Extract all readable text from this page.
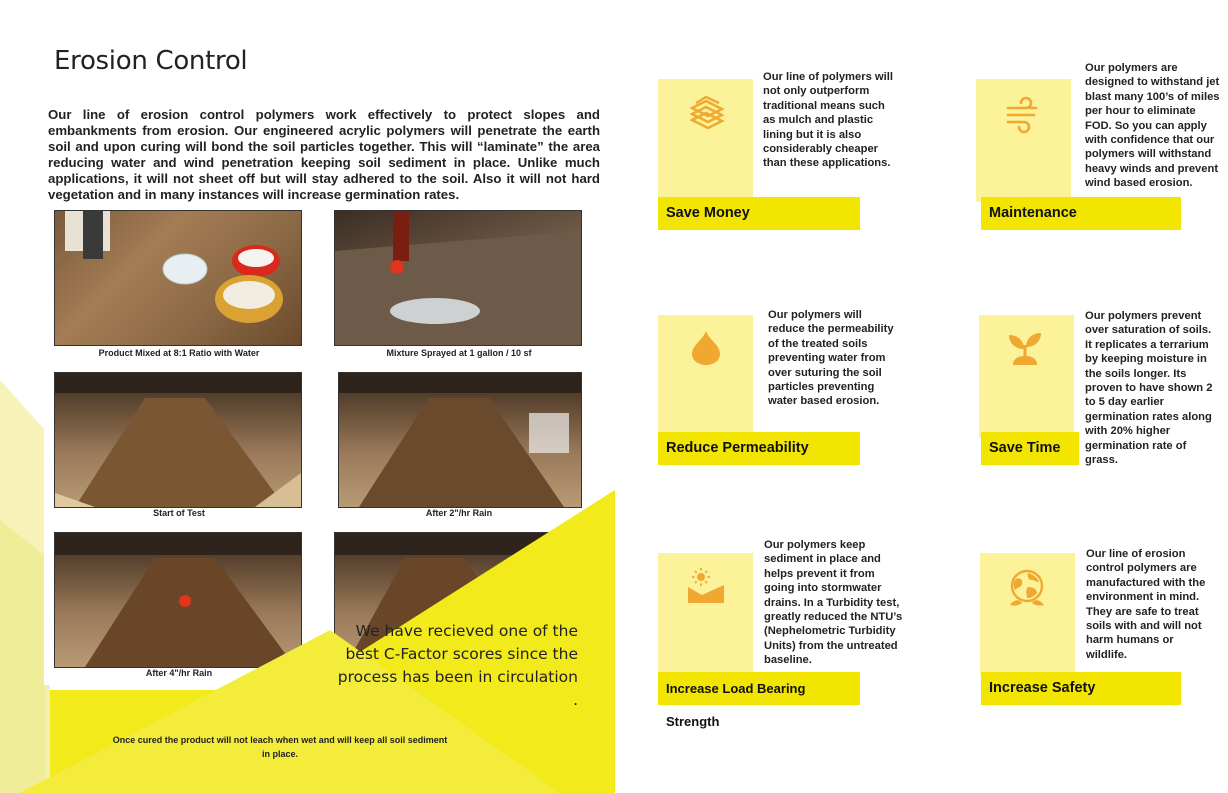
Erosion Control
Our line of erosion control polymers work effectively to protect slopes and embankments from erosion. Our engineered acrylic polymers will penetrate the earth soil and upon curing will bond the soil particles together. This will “laminate” the area reducing water and wind penetration keeping soil sediment in place. Unlike much applications, it will not sheet off but will stay adhered to the soil. Also it will not hard vegetation and in many instances will increase germination rates.
Product Mixed at 8:1 Ratio with Water	Mixture Sprayed at 1 gallon / 10 sf
Start of Test	After 2"/hr Rain
After 4"/hr Rain
We have recieved one of the best C-Factor scores since the process has been in circulation .
Once cured the product will not leach when wet and will keep all soil sediment in place.
Save Money
Our line of polymers will not only outperform traditional means such as mulch and plastic lining but it is also considerably cheaper than these applications.
Maintenance
Our polymers are designed to withstand jet blast many 100’s of miles per hour to eliminate FOD. So you can apply with confidence that our polymers will withstand heavy winds and prevent wind based erosion.
Reduce Permeability
Our polymers will reduce the permeability of the treated soils preventing water from over suturing the soil particles preventing water based erosion.
Save Time
Our polymers prevent over saturation of soils. It replicates a terrarium by keeping moisture in the soils longer. Its proven to have shown 2 to 5 day earlier germination rates along with 20% higher germination rate of grass.
Increase Load Bearing Strength
Our polymers keep sediment in place and helps prevent it from going into stormwater drains. In a Turbidity test, greatly reduced the NTU’s (Nephelometric Turbidity Units) from the untreated baseline.
Increase Safety
Our line of erosion control polymers are manufactured with the environment in mind. They are safe to treat soils with and will not harm humans or wildlife.
